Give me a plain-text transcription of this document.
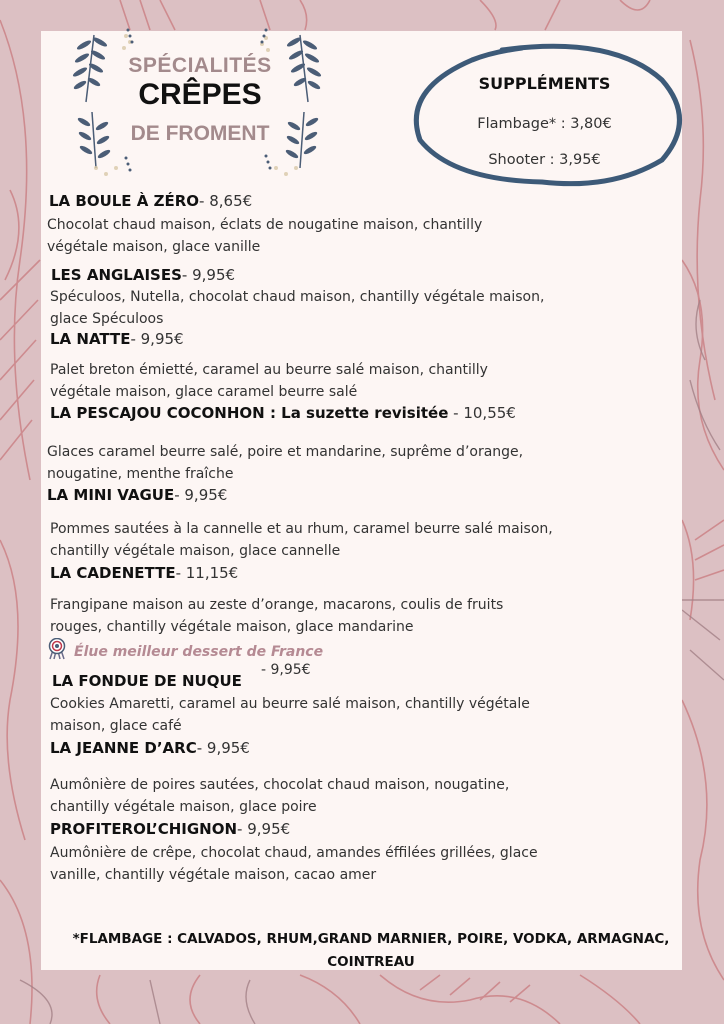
SPÉCIALITÉS
CRÊPES
DE FROMENT
SUPPLÉMENTS
Flambage* : 3,80€
Shooter : 3,95€
LA BOULE À ZÉRO- 8,65€
Chocolat chaud maison, éclats de nougatine maison, chantilly
végétale maison, glace vanille
LES ANGLAISES- 9,95€
Spéculoos, Nutella, chocolat chaud maison, chantilly végétale maison,
glace Spéculoos
LA NATTE- 9,95€
Palet breton émietté, caramel au beurre salé maison, chantilly
végétale maison, glace caramel beurre salé
LA PESCAJOU COCONHON : La suzette revisitée - 10,55€
Glaces caramel beurre salé, poire et mandarine, suprême d’orange,
nougatine, menthe fraîche
LA MINI VAGUE- 9,95€
Pommes sautées à la cannelle et au rhum, caramel beurre salé maison,
chantilly végétale maison, glace cannelle
LA CADENETTE- 11,15€
Frangipane maison au zeste d’orange, macarons, coulis de fruits
rouges, chantilly végétale maison, glace mandarine
Élue meilleur dessert de France
LA FONDUE DE NUQUE
- 9,95€
Cookies Amaretti, caramel au beurre salé maison, chantilly végétale
maison, glace café
LA JEANNE D’ARC- 9,95€
Aumônière de poires sautées, chocolat chaud maison, nougatine,
chantilly végétale maison, glace poire
PROFITEROL’CHIGNON- 9,95€
Aumônière de crêpe, chocolat chaud, amandes éffilées grillées, glace
vanille, chantilly végétale maison, cacao amer
*FLAMBAGE : CALVADOS, RHUM,GRAND MARNIER, POIRE, VODKA, ARMAGNAC,
COINTREAU
